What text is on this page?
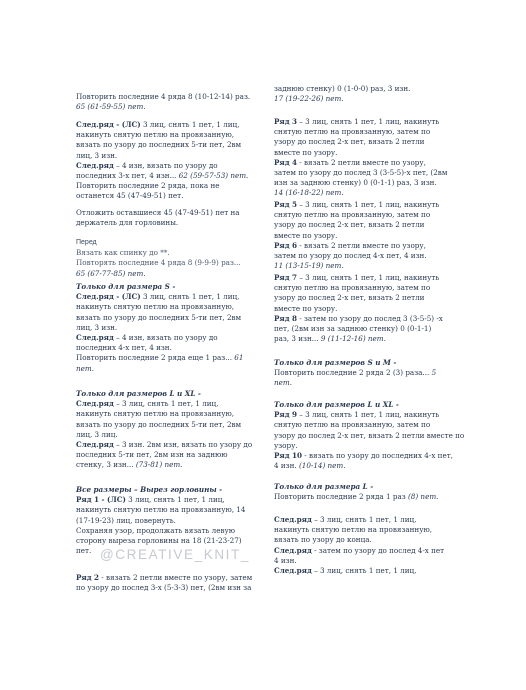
Повторить последние 4 ряда 8 (10-12-14) раз.
65 (61-59-55) пет.
След.ряд - (ЛС) 3 лиц, снять 1 пет, 1 лиц,
накинуть снятую петлю на провязанную,
вязать по узору до последних 5-ти пет, 2вм
лиц, 3 изн.
След.ряд – 4 изн, вязать по узору до
последних 3-х пет, 4 изн... 62 (59-57-53) пет.
Повторить последние 2 ряда, пока не
останется 45 (47-49-51) пет.
Отложить оставшиеся 45 (47-49-51) пет на
держатель для горловины.
Перед
Вязать как спинку до **.
Повторять последние 4 ряда 8 (9-9-9) раз...
65 (67-77-85) пет.
Только для размера S -
След.ряд - (ЛС) 3 лиц, снять 1 пет, 1 лиц,
накинуть снятую петлю на провязанную,
вязать по узору до последних 5-ти пет, 2вм
лиц, 3 изн.
След.ряд – 4 изн, вязать по узору до
последних 4-х пет, 4 изн.
Повторить последние 2 ряда еще 1 раз... 61
пет.
Только для размеров L и XL -
След.ряд – 3 лиц, снять 1 пет, 1 лиц,
накинуть снятую петлю на провязанную,
вязать по узору до последних 5-ти пет, 2вм
лиц, 3 лиц.
След.ряд – 3 изн. 2вм изн, вязать по узору до
последних 5-ти пет, 2вм изн на заднюю
стенку, 3 изн... (73-81) пет.
Все размеры – Вырез горловины -
Ряд 1 - (ЛС) 3 лиц, снять 1 пет, 1 лиц,
накинуть снятую петлю на провязанную, 14
(17-19-23) лиц, повернуть.
Сохраняя узор, продолжать вязать левую
сторону выреза горловины на 18 (21-23-27)
пет.
Ряд 2 - вязать 2 петли вместе по узору, затем
по узору до послед 3-х (5-3-3) пет, (2вм изн за
заднюю стенку) 0 (1-0-0) раз, 3 изн.
17 (19-22-26) пет.
Ряд 3 – 3 лиц, снять 1 пет, 1 лиц, накинуть
снятую петлю на провязанную, затем по
узору до послед 2-х пет, вязать 2 петли
вместе по узору.
Ряд 4 - вязать 2 петли вместе по узору,
затем по узору до послед 3 (3-5-5)-х пет, (2вм
изн за заднюю стенку) 0 (0-1-1) раз, 3 изн.
14 (16-18-22) пет.
Ряд 5 – 3 лиц, снять 1 пет, 1 лиц, накинуть
снятую петлю на провязанную, затем по
узору до послед 2-х пет, вязать 2 петли
вместе по узору.
Ряд 6 - вязать 2 петли вместе по узору,
затем по узору до послед 4-х пет, 4 изн.
11 (13-15-19) пет.
Ряд 7 – 3 лиц, снять 1 пет, 1 лиц, накинуть
снятую петлю на провязанную, затем по
узору до послед 2-х пет, вязать 2 петли
вместе по узору.
Ряд 8 - затем по узору до послед 3 (3-5-5) -х
пет, (2вм изн за заднюю стенку) 0 (0-1-1)
раз, 3 изн... 9 (11-12-16) пет.
Только для размеров S и M -
Повторить последние 2 ряда 2 (3) раза... 5
пет.
Только для размеров L и XL -
Ряд 9 – 3 лиц, снять 1 пет, 1 лиц, накинуть
снятую петлю на провязанную, затем по
узору до послед 2-х пет, вязать 2 петли вместе по
узору.
Ряд 10 - вязать по узору до последних 4-х пет,
4 изн. (10-14) пет.
Только для размера L -
Повторить последние 2 ряда 1 раз (8) пет.
След.ряд – 3 лиц, снять 1 пет, 1 лиц,
накинуть снятую петлю на провязанную,
вязать по узору до конца.
След.ряд - затем по узору до послед 4-х пет
4 изн.
След.ряд – 3 лиц, снять 1 пет, 1 лиц,
@CREATIVE_KNIT_
